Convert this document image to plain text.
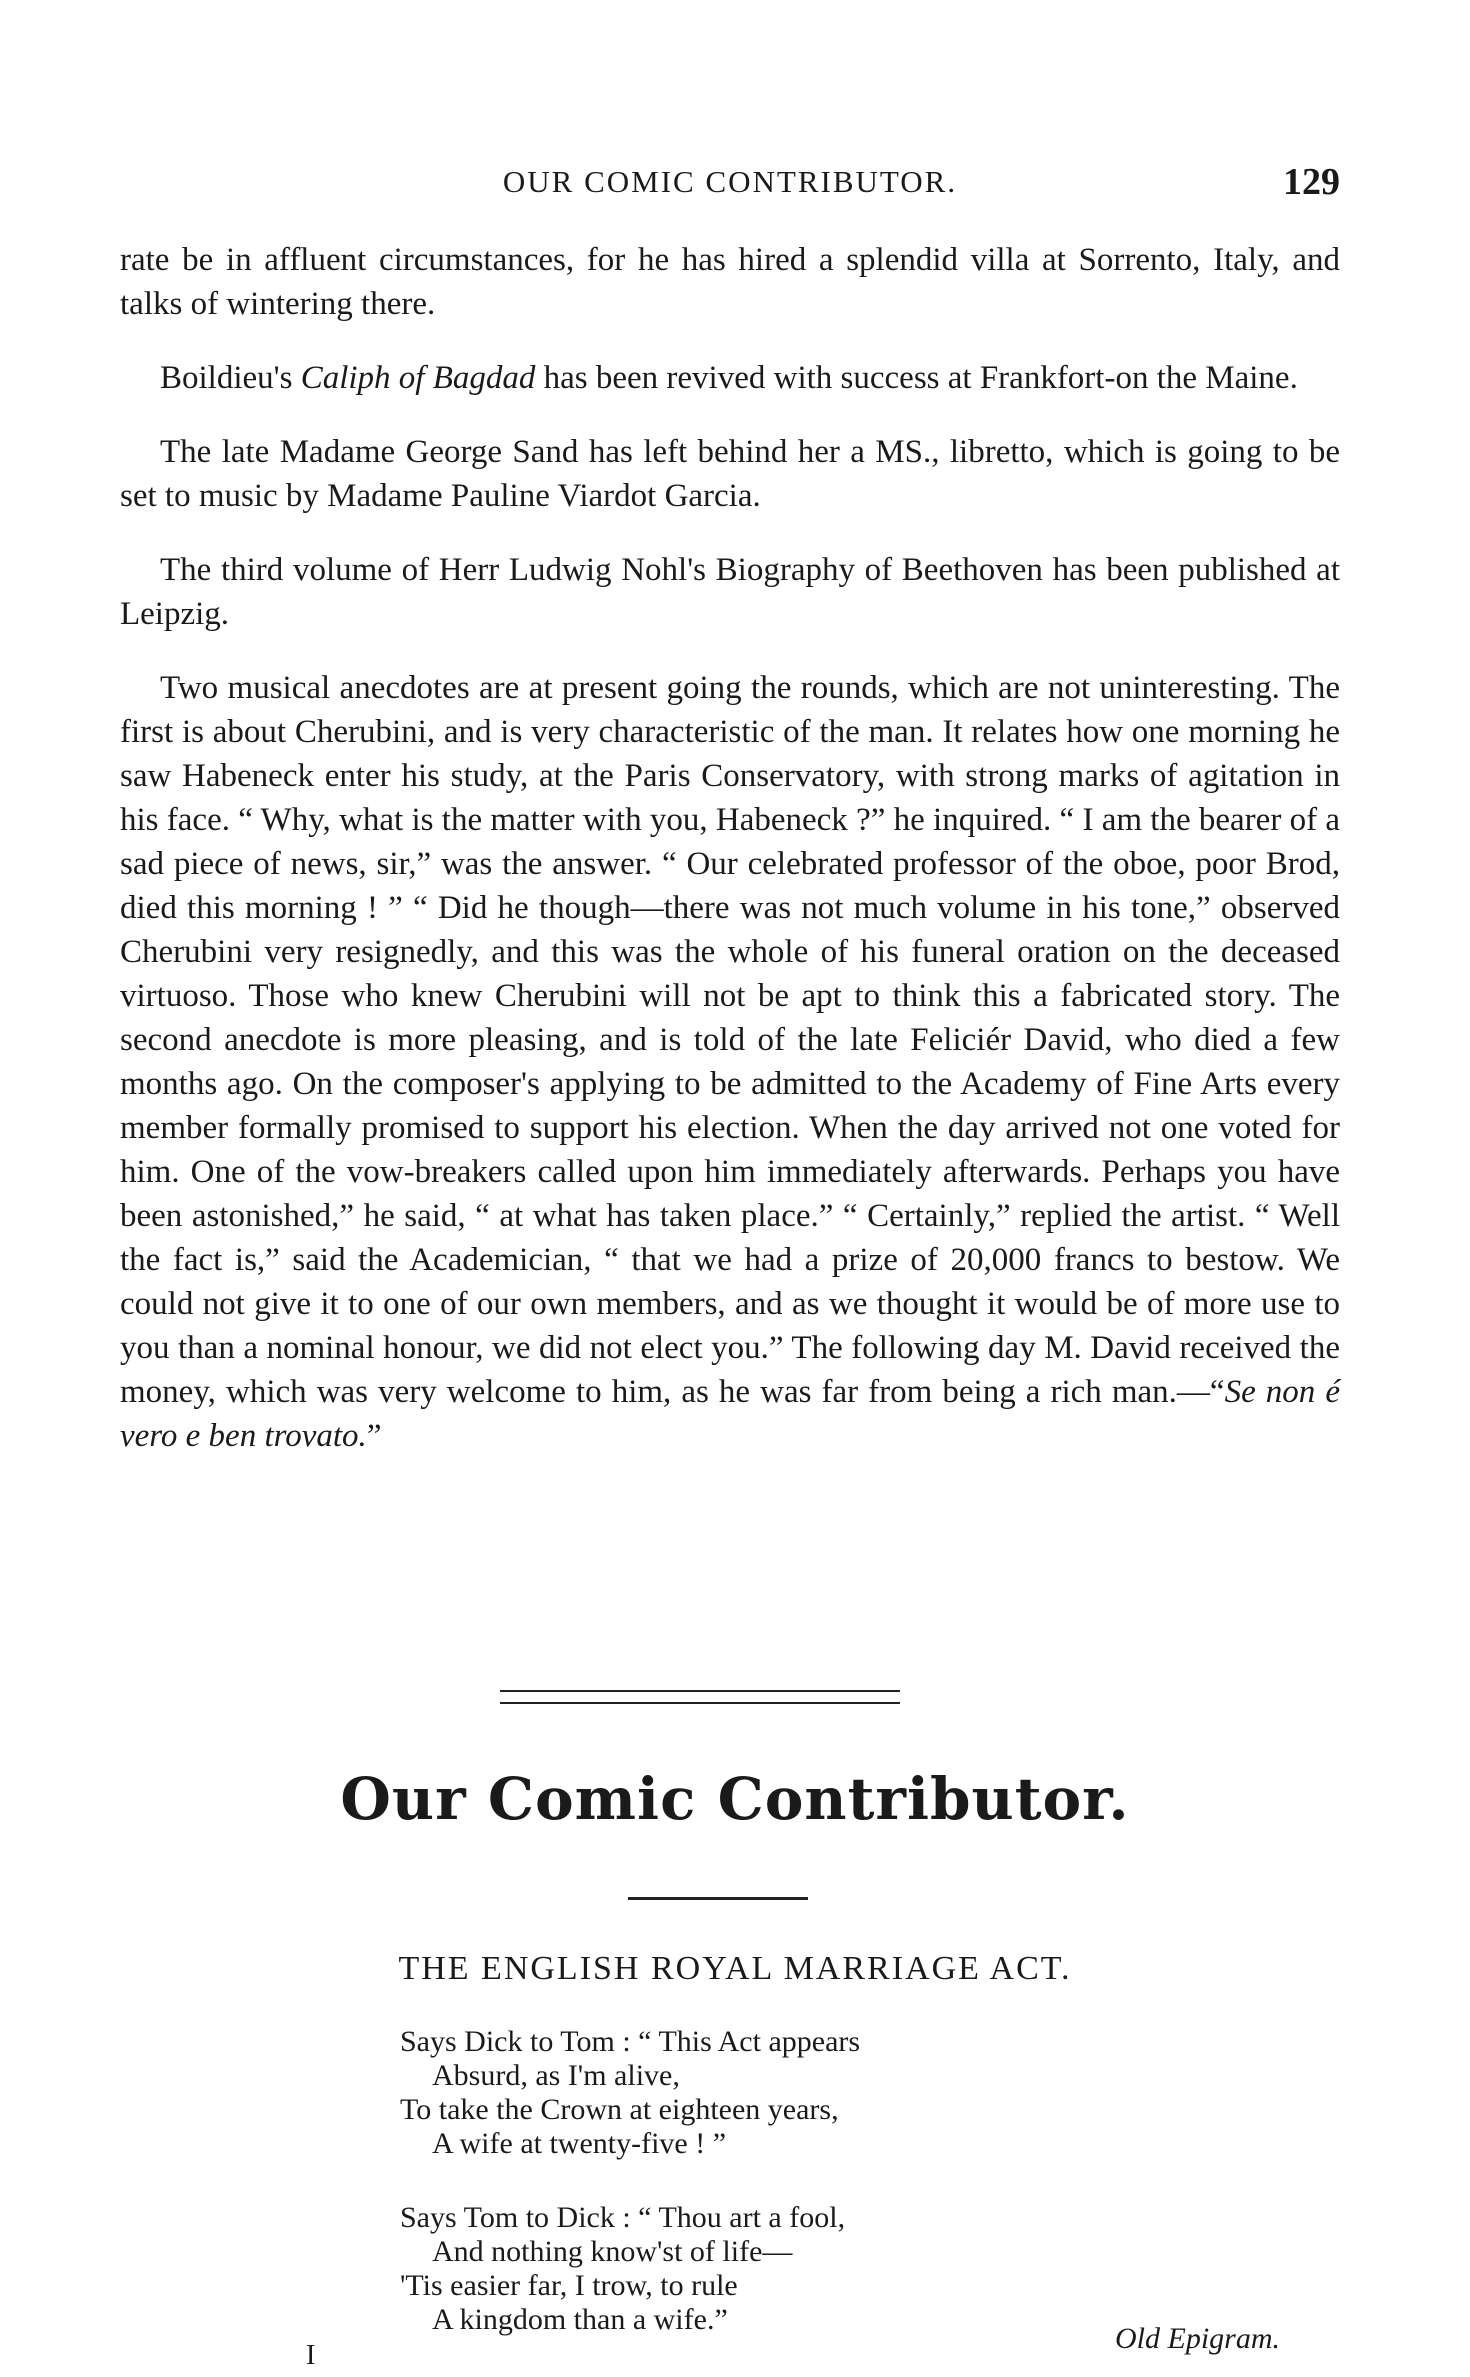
OUR COMIC CONTRIBUTOR.	129

rate be in affluent circumstances, for he has hired a splendid villa at Sorrento, Italy, and talks of wintering there.

Boildieu's Caliph of Bagdad has been revived with success at Frankfort-on the Maine.

The late Madame George Sand has left behind her a MS., libretto, which is going to be set to music by Madame Pauline Viardot Garcia.

The third volume of Herr Ludwig Nohl's Biography of Beethoven has been published at Leipzig.

Two musical anecdotes are at present going the rounds, which are not uninteresting. The first is about Cherubini, and is very characteristic of the man. It relates how one morning he saw Habeneck enter his study, at the Paris Conservatory, with strong marks of agitation in his face. “ Why, what is the matter with you, Habeneck ?” he inquired. “ I am the bearer of a sad piece of news, sir,” was the answer. “ Our celebrated professor of the oboe, poor Brod, died this morning ! ” “ Did he though—there was not much volume in his tone,” observed Cherubini very resignedly, and this was the whole of his funeral oration on the deceased virtuoso. Those who knew Cherubini will not be apt to think this a fabricated story. The second anecdote is more pleasing, and is told of the late Feliciér David, who died a few months ago. On the composer's applying to be admitted to the Academy of Fine Arts every member formally promised to support his election. When the day arrived not one voted for him. One of the vow-breakers called upon him immediately afterwards. Perhaps you have been astonished,” he said, “ at what has taken place.” “ Certainly,” replied the artist. “ Well the fact is,” said the Academician, “ that we had a prize of 20,000 francs to bestow. We could not give it to one of our own members, and as we thought it would be of more use to you than a nominal honour, we did not elect you.” The following day M. David received the money, which was very welcome to him, as he was far from being a rich man.—“Se non é vero e ben trovato.”

Our Comic Contributor.
THE ENGLISH ROYAL MARRIAGE ACT.
Says Dick to Tom : “ This Act appears
Absurd, as I'm alive,
To take the Crown at eighteen years,
A wife at twenty-five ! ”
Says Tom to Dick : “ Thou art a fool,
And nothing know'st of life—
'Tis easier far, I trow, to rule
A kingdom than a wife.”
Old Epigram.
I
